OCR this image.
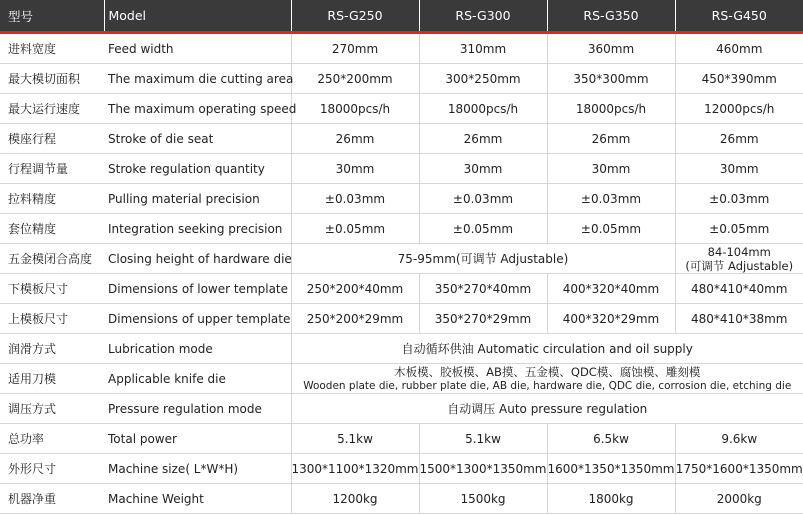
型号	Model	RS-G250	RS-G300	RS-G350	RS-G450
进料宽度	Feed width	270mm	310mm	360mm	460mm
最大模切面积	The maximum die cutting area	250*200mm	300*250mm	350*300mm	450*390mm
最大运行速度	The maximum operating speed	18000pcs/h	18000pcs/h	18000pcs/h	12000pcs/h
模座行程	Stroke of die seat	26mm	26mm	26mm	26mm
行程调节量	Stroke regulation quantity	30mm	30mm	30mm	30mm
拉料精度	Pulling material precision	±0.03mm	±0.03mm	±0.03mm	±0.03mm
套位精度	Integration seeking precision	±0.05mm	±0.05mm	±0.05mm	±0.05mm
五金模闭合高度	Closing height of hardware die	75-95mm(可调节 Adjustable)			84-104mm
(可调节 Adjustable)

下模板尺寸	Dimensions of lower template	250*200*40mm	350*270*40mm	400*320*40mm	480*410*40mm
上模板尺寸	Dimensions of upper template	250*200*29mm	350*270*29mm	400*320*29mm	480*410*38mm
润滑方式	Lubrication mode	自动循环供油 Automatic circulation and oil supply			
适用刀模	Applicable knife die	木板模、胶板模、AB摸、五金模、QDC模、腐蚀模、雕刻模
Wooden plate die, rubber plate die, AB die, hardware die, QDC die, corrosion die, etching die			

调压方式	Pressure regulation mode	自动调压 Auto pressure regulation			
总功率	Total power	5.1kw	5.1kw	6.5kw	9.6kw
外形尺寸	Machine size( L*W*H)	1300*1100*1320mm	1500*1300*1350mm	1600*1350*1350mm	1750*1600*1350mm
机器净重	Machine Weight	1200kg	1500kg	1800kg	2000kg
